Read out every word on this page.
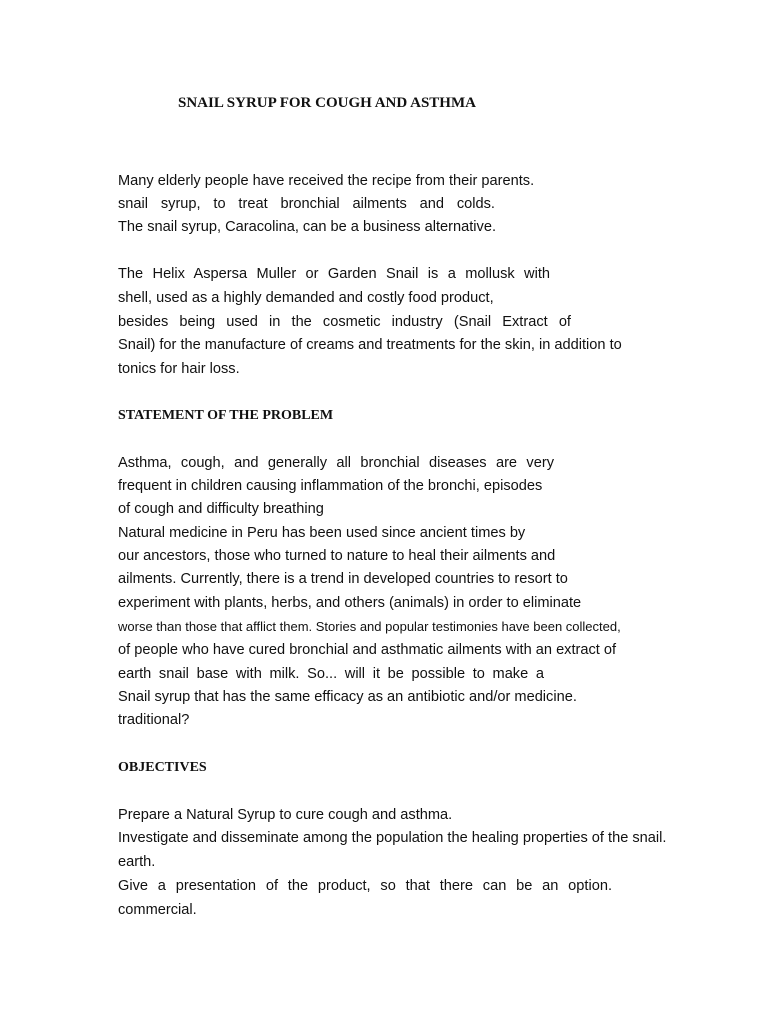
SNAIL SYRUP FOR COUGH AND ASTHMA
Many elderly people have received the recipe from their parents.
snail syrup, to treat bronchial ailments and colds.
The snail syrup, Caracolina, can be a business alternative.
The Helix Aspersa Muller or Garden Snail is a mollusk with
shell, used as a highly demanded and costly food product,
besides being used in the cosmetic industry (Snail Extract of
Snail) for the manufacture of creams and treatments for the skin, in addition to
tonics for hair loss.
STATEMENT OF THE PROBLEM
Asthma, cough, and generally all bronchial diseases are very
frequent in children causing inflammation of the bronchi, episodes
of cough and difficulty breathing
Natural medicine in Peru has been used since ancient times by
our ancestors, those who turned to nature to heal their ailments and
ailments. Currently, there is a trend in developed countries to resort to
experiment with plants, herbs, and others (animals) in order to eliminate
worse than those that afflict them. Stories and popular testimonies have been collected,
of people who have cured bronchial and asthmatic ailments with an extract of
earth snail base with milk. So... will it be possible to make a
Snail syrup that has the same efficacy as an antibiotic and/or medicine.
traditional?
OBJECTIVES
Prepare a Natural Syrup to cure cough and asthma.
Investigate and disseminate among the population the healing properties of the snail.
earth.
Give a presentation of the product, so that there can be an option.
commercial.
